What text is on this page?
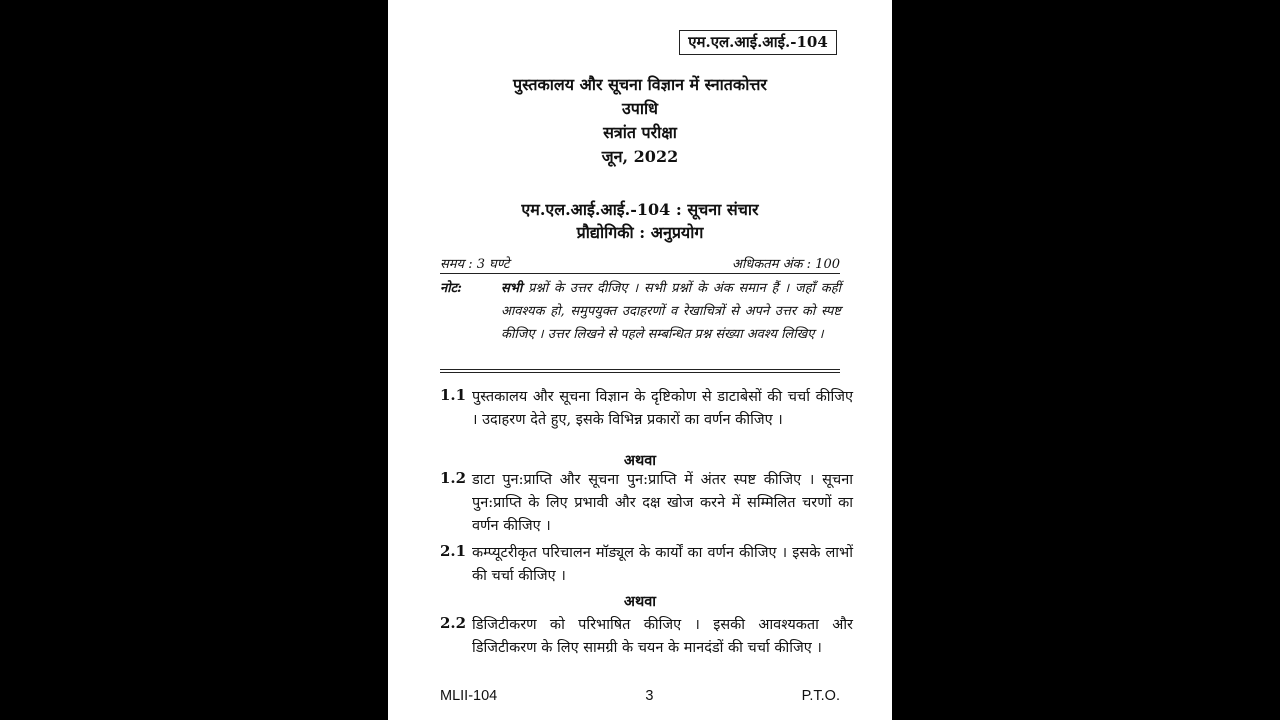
एम.एल.आई.आई.-104
पुस्तकालय और सूचना विज्ञान में स्नातकोत्तर
उपाधि
सत्रांत परीक्षा
जून, 2022
एम.एल.आई.आई.-104 : सूचना संचार
प्रौद्योगिकी : अनुप्रयोग
समय : 3 घण्टे	अधिकतम अंक : 100
नोट:	सभी प्रश्नों के उत्तर दीजिए । सभी प्रश्नों के अंक समान हैं । जहाँ कहीं आवश्यक हो, समुपयुक्त उदाहरणों व रेखाचित्रों से अपने उत्तर को स्पष्ट कीजिए । उत्तर लिखने से पहले सम्बन्धित प्रश्न संख्या अवश्य लिखिए ।
1.1 पुस्तकालय और सूचना विज्ञान के दृष्टिकोण से डाटाबेसों की चर्चा कीजिए । उदाहरण देते हुए, इसके विभिन्न प्रकारों का वर्णन कीजिए ।
अथवा
1.2 डाटा पुन:प्राप्ति और सूचना पुन:प्राप्ति में अंतर स्पष्ट कीजिए । सूचना पुन:प्राप्ति के लिए प्रभावी और दक्ष खोज करने में सम्मिलित चरणों का वर्णन कीजिए ।
2.1 कम्प्यूटरीकृत परिचालन मॉड्यूल के कार्यों का वर्णन कीजिए । इसके लाभों की चर्चा कीजिए ।
अथवा
2.2 डिजिटीकरण को परिभाषित कीजिए । इसकी आवश्यकता और डिजिटीकरण के लिए सामग्री के चयन के मानदंडों की चर्चा कीजिए ।
MLII-104	3	P.T.O.
